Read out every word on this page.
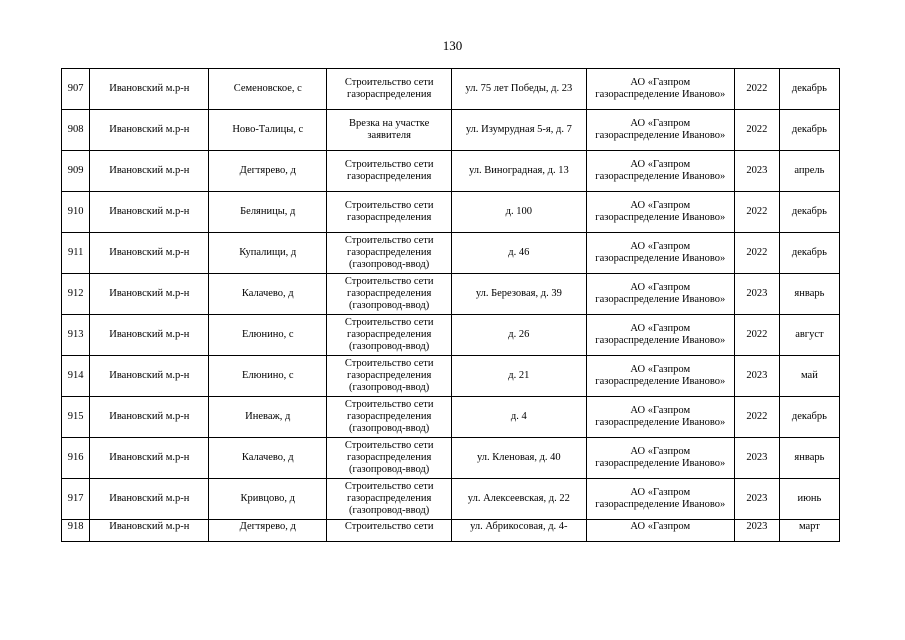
130
907	Ивановский м.р-н	Семеновское, с	Строительство сети газораспределения	ул. 75 лет Победы, д. 23	АО «Газпром газораспределение Иваново»	2022	декабрь
908	Ивановский м.р-н	Ново-Талицы, с	Врезка на участке заявителя	ул. Изумрудная 5-я, д. 7	АО «Газпром газораспределение Иваново»	2022	декабрь
909	Ивановский м.р-н	Дегтярево, д	Строительство сети газораспределения	ул. Виноградная, д. 13	АО «Газпром газораспределение Иваново»	2023	апрель
910	Ивановский м.р-н	Беляницы, д	Строительство сети газораспределения	д. 100	АО «Газпром газораспределение Иваново»	2022	декабрь
911	Ивановский м.р-н	Купалищи, д	Строительство сети газораспределения (газопровод-ввод)	д. 46	АО «Газпром газораспределение Иваново»	2022	декабрь
912	Ивановский м.р-н	Калачево, д	Строительство сети газораспределения (газопровод-ввод)	ул. Березовая, д. 39	АО «Газпром газораспределение Иваново»	2023	январь
913	Ивановский м.р-н	Елюнино, с	Строительство сети газораспределения (газопровод-ввод)	д. 26	АО «Газпром газораспределение Иваново»	2022	август
914	Ивановский м.р-н	Елюнино, с	Строительство сети газораспределения (газопровод-ввод)	д. 21	АО «Газпром газораспределение Иваново»	2023	май
915	Ивановский м.р-н	Иневаж, д	Строительство сети газораспределения (газопровод-ввод)	д. 4	АО «Газпром газораспределение Иваново»	2022	декабрь
916	Ивановский м.р-н	Калачево, д	Строительство сети газораспределения (газопровод-ввод)	ул. Кленовая, д. 40	АО «Газпром газораспределение Иваново»	2023	январь
917	Ивановский м.р-н	Кривцово, д	Строительство сети газораспределения (газопровод-ввод)	ул. Алексеевская, д. 22	АО «Газпром газораспределение Иваново»	2023	июнь
918	Ивановский м.р-н	Дегтярево, д	Строительство сети	ул. Абрикосовая, д. 4-	АО «Газпром	2023	март
